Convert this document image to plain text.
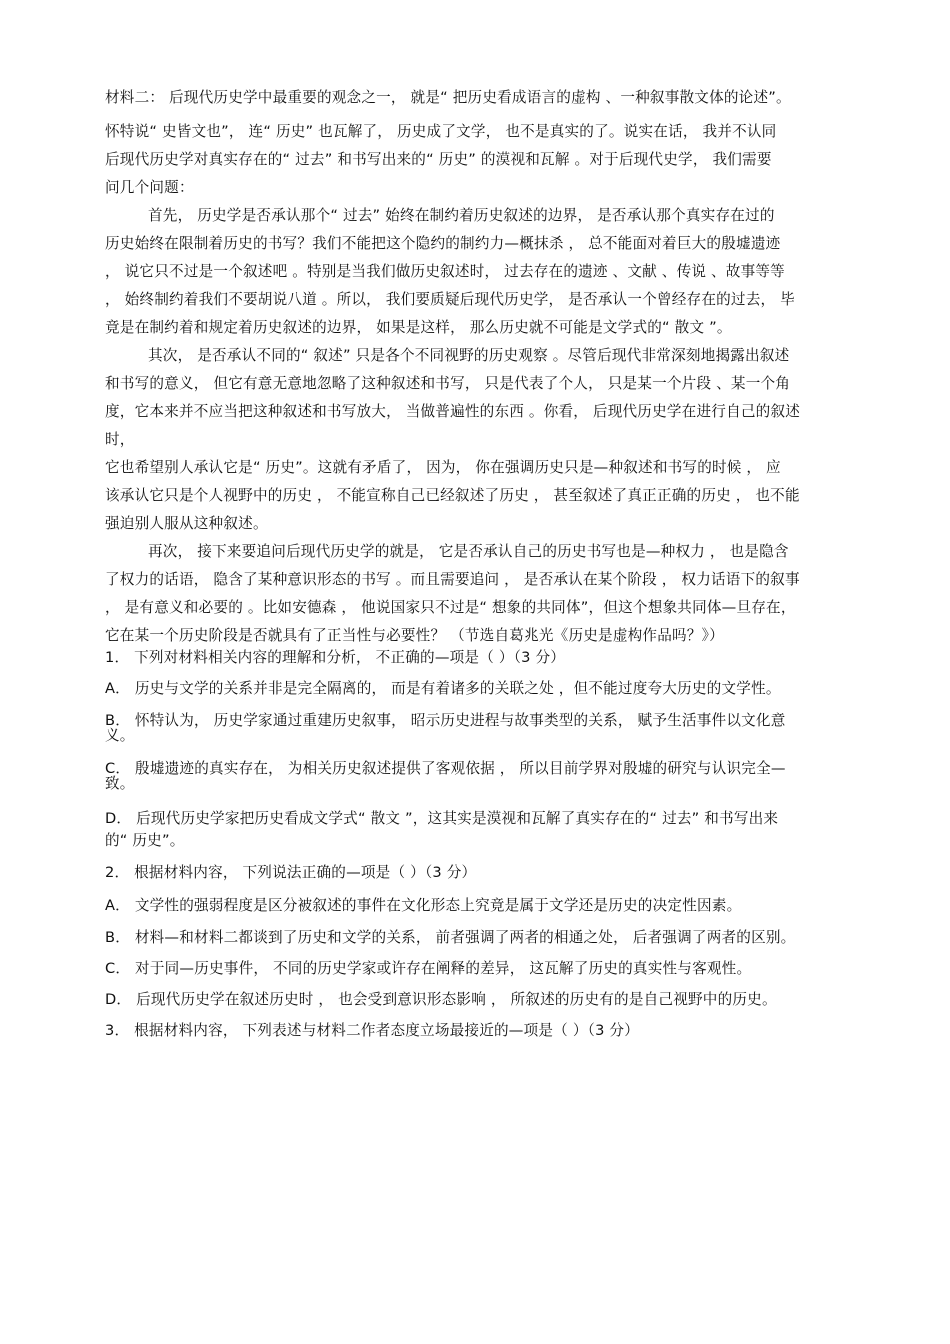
材料二： 后现代历史学中最重要的观念之一， 就是“ 把历史看成语言的虚构 、一种叙事散文体的论述”。
怀特说“ 史皆文也”， 连“ 历史” 也瓦解了， 历史成了文学， 也不是真实的了。说实在话， 我并不认同
后现代历史学对真实存在的“ 过去” 和书写出来的“ 历史” 的漠视和瓦解 。对于后现代史学， 我们需要
问几个问题：
首先， 历史学是否承认那个“ 过去” 始终在制约着历史叙述的边界， 是否承认那个真实存在过的
历史始终在限制着历史的书写？我们不能把这个隐约的制约力—概抹杀 ， 总不能面对着巨大的殷墟遗迹
， 说它只不过是一个叙述吧 。特别是当我们做历史叙述时， 过去存在的遗迹 、文献 、传说 、故事等等
， 始终制约着我们不要胡说八道 。所以， 我们要质疑后现代历史学， 是否承认一个曾经存在的过去， 毕
竟是在制约着和规定着历史叙述的边界， 如果是这样， 那么历史就不可能是文学式的“ 散文 ”。
其次， 是否承认不同的“ 叙述” 只是各个不同视野的历史观察 。尽管后现代非常深刻地揭露出叙述
和书写的意义， 但它有意无意地忽略了这种叙述和书写， 只是代表了个人， 只是某一个片段 、某一个角
度，它本来并不应当把这种叙述和书写放大， 当做普遍性的东西 。你看， 后现代历史学在进行自己的叙述
时，
它也希望别人承认它是“ 历史”。这就有矛盾了， 因为， 你在强调历史只是—种叙述和书写的时候 ， 应
该承认它只是个人视野中的历史 ， 不能宣称自己已经叙述了历史 ， 甚至叙述了真正正确的历史 ， 也不能
强迫别人服从这种叙述。
再次， 接下来要追问后现代历史学的就是， 它是否承认自己的历史书写也是—种权力 ， 也是隐含
了权力的话语， 隐含了某种意识形态的书写 。而且需要追问 ， 是否承认在某个阶段 ， 权力话语下的叙事
， 是有意义和必要的 。比如安德森 ， 他说国家只不过是“ 想象的共同体”，但这个想象共同体—旦存在，
它在某一个历史阶段是否就具有了正当性与必要性？ （节选自葛兆光《历史是虚构作品吗？》）
1． 下列对材料相关内容的理解和分析， 不正确的—项是（ ）（3 分）
A． 历史与文学的关系并非是完全隔离的， 而是有着诸多的关联之处 ，但不能过度夸大历史的文学性。
B． 怀特认为， 历史学家通过重建历史叙事， 昭示历史进程与故事类型的关系， 赋予生活事件以文化意
义。
C． 殷墟遗迹的真实存在， 为相关历史叙述提供了客观依据 ， 所以目前学界对殷墟的研究与认识完全—
致。
D． 后现代历史学家把历史看成文学式“ 散文 ”，这其实是漠视和瓦解了真实存在的“ 过去” 和书写出来
的“ 历史”。
2． 根据材料内容， 下列说法正确的—项是（ ）（3 分）
A． 文学性的强弱程度是区分被叙述的事件在文化形态上究竟是属于文学还是历史的决定性因素。
B． 材料—和材料二都谈到了历史和文学的关系， 前者强调了两者的相通之处， 后者强调了两者的区别。
C． 对于同—历史事件， 不同的历史学家或许存在阐释的差异， 这瓦解了历史的真实性与客观性。
D． 后现代历史学在叙述历史时 ， 也会受到意识形态影响 ， 所叙述的历史有的是自己视野中的历史。
3． 根据材料内容， 下列表述与材料二作者态度立场最接近的—项是（ ）（3 分）
